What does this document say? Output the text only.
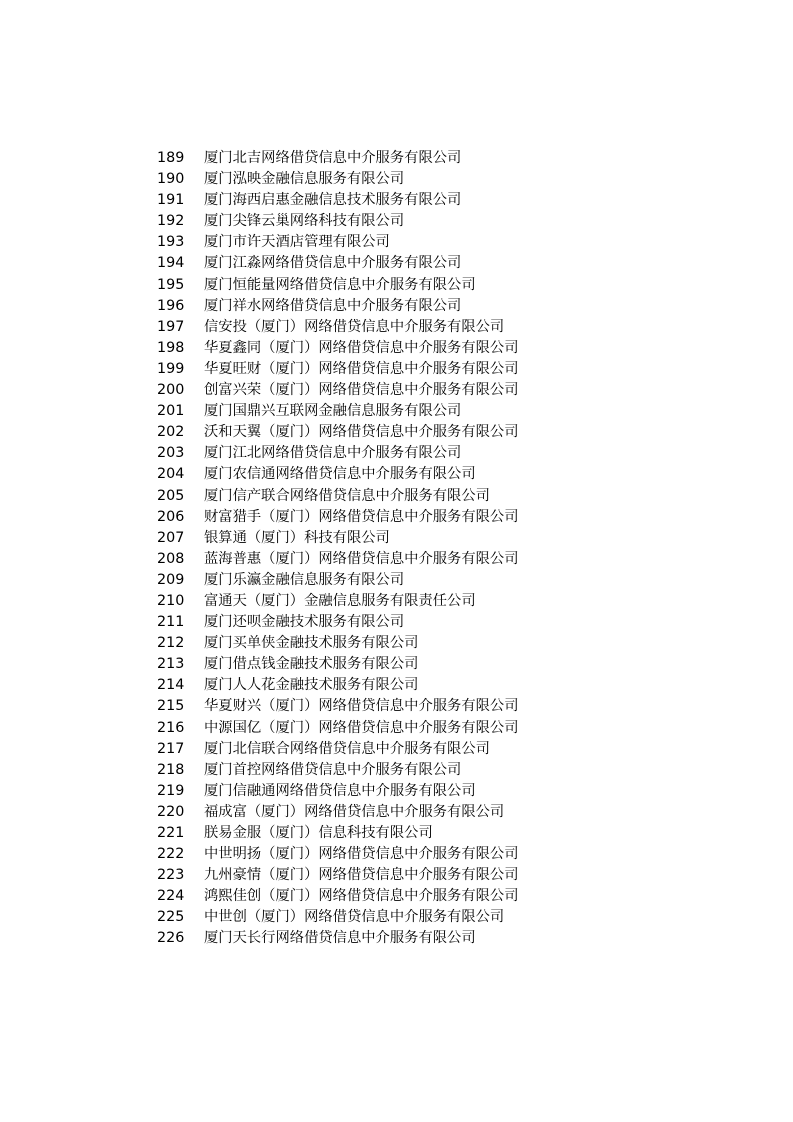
189	厦门北吉网络借贷信息中介服务有限公司
190	厦门泓映金融信息服务有限公司
191	厦门海西启惠金融信息技术服务有限公司
192	厦门尖锋云巢网络科技有限公司
193	厦门市许天酒店管理有限公司
194	厦门江淼网络借贷信息中介服务有限公司
195	厦门恒能量网络借贷信息中介服务有限公司
196	厦门祥水网络借贷信息中介服务有限公司
197	信安投（厦门）网络借贷信息中介服务有限公司
198	华夏鑫同（厦门）网络借贷信息中介服务有限公司
199	华夏旺财（厦门）网络借贷信息中介服务有限公司
200	创富兴荣（厦门）网络借贷信息中介服务有限公司
201	厦门国鼎兴互联网金融信息服务有限公司
202	沃和天翼（厦门）网络借贷信息中介服务有限公司
203	厦门江北网络借贷信息中介服务有限公司
204	厦门农信通网络借贷信息中介服务有限公司
205	厦门信产联合网络借贷信息中介服务有限公司
206	财富猎手（厦门）网络借贷信息中介服务有限公司
207	银算通（厦门）科技有限公司
208	蓝海普惠（厦门）网络借贷信息中介服务有限公司
209	厦门乐瀛金融信息服务有限公司
210	富通天（厦门）金融信息服务有限责任公司
211	厦门还呗金融技术服务有限公司
212	厦门买单侠金融技术服务有限公司
213	厦门借点钱金融技术服务有限公司
214	厦门人人花金融技术服务有限公司
215	华夏财兴（厦门）网络借贷信息中介服务有限公司
216	中源国亿（厦门）网络借贷信息中介服务有限公司
217	厦门北信联合网络借贷信息中介服务有限公司
218	厦门首控网络借贷信息中介服务有限公司
219	厦门信融通网络借贷信息中介服务有限公司
220	福成富（厦门）网络借贷信息中介服务有限公司
221	朕易金服（厦门）信息科技有限公司
222	中世明扬（厦门）网络借贷信息中介服务有限公司
223	九州豪情（厦门）网络借贷信息中介服务有限公司
224	鸿熙佳创（厦门）网络借贷信息中介服务有限公司
225	中世创（厦门）网络借贷信息中介服务有限公司
226	厦门天长行网络借贷信息中介服务有限公司
